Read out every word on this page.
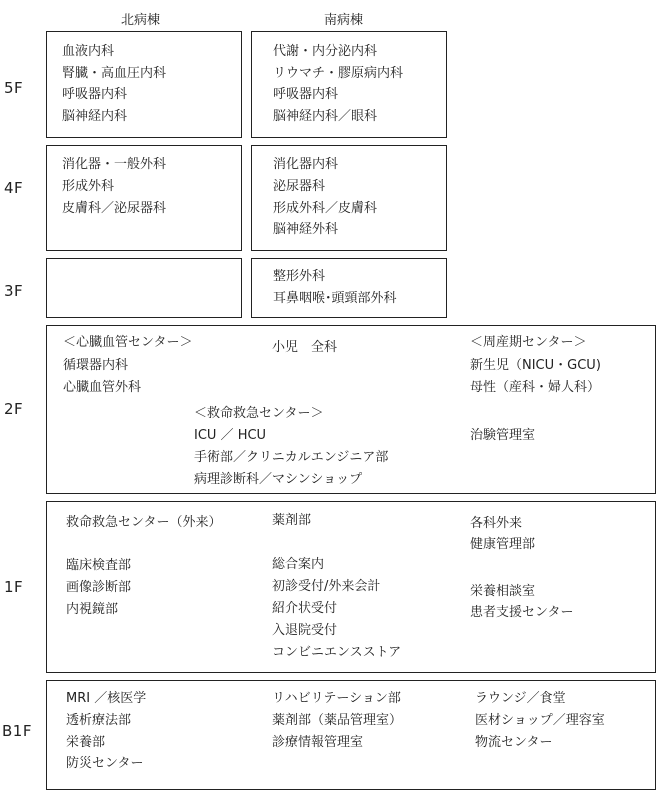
北病棟	南病棟
5F
血液内科
腎臓・高血圧内科
呼吸器内科
脳神経内科
代謝・内分泌内科
リウマチ・膠原病内科
呼吸器内科
脳神経内科／眼科
4F
消化器・一般外科
形成外科
皮膚科／泌尿器科
消化器内科
泌尿器科
形成外科／皮膚科
脳神経外科
3F
整形外科
耳鼻咽喉･頭頸部外科
2F
＜心臓血管センター＞
循環器内科
心臓血管外科
小児　全科	＜周産期センター＞
新生児（NICU・GCU)
母性（産科・婦人科）
＜救命救急センター＞
ICU ／ HCU
手術部／クリニカルエンジニア部
病理診断科／マシンショップ
治験管理室
1F
救命救急センター（外来）
臨床検査部
画像診断部
内視鏡部
薬剤部
総合案内
初診受付/外来会計
紹介状受付
入退院受付
コンビニエンスストア
各科外来
健康管理部
栄養相談室
患者支援センター
B1F
MRI ／核医学
透析療法部
栄養部
防災センター
リハビリテーション部
薬剤部（薬品管理室）
診療情報管理室
ラウンジ／食堂
医材ショップ／理容室
物流センター
